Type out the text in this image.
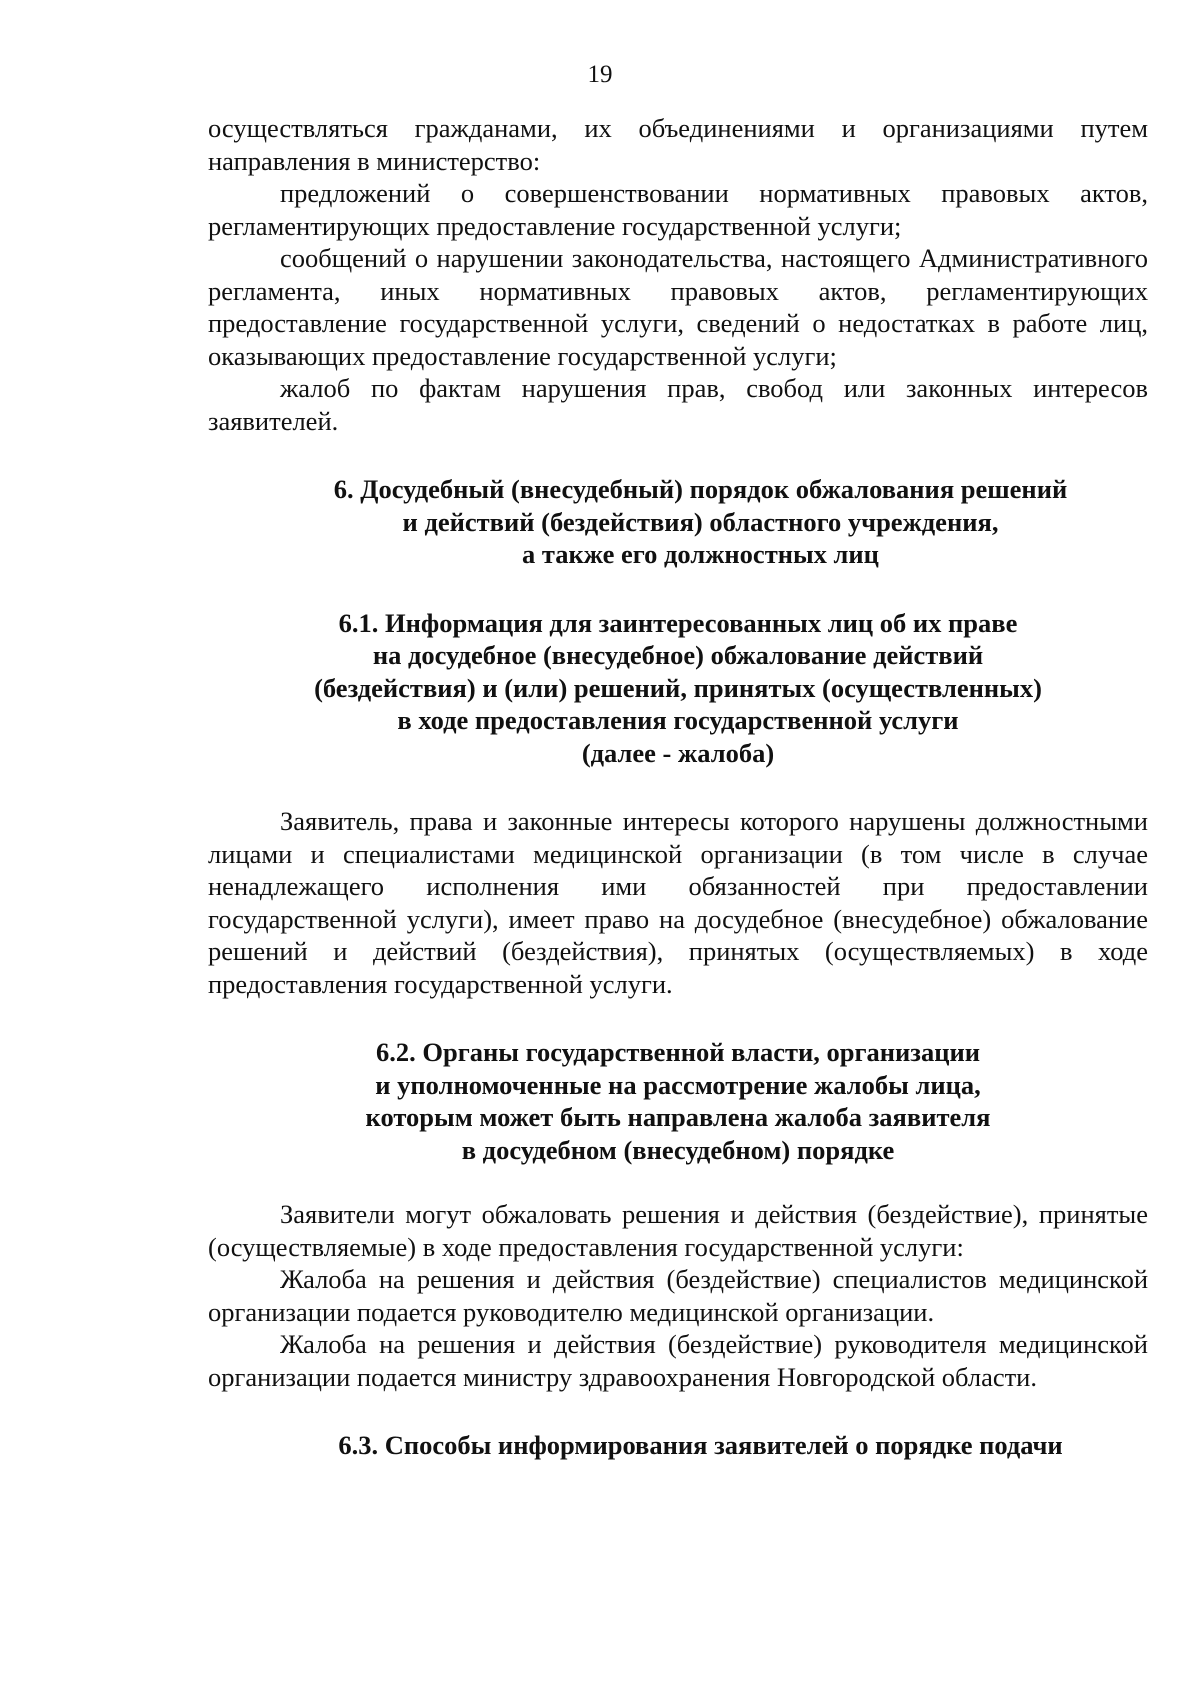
19

осуществляться гражданами, их объединениями и организациями путем направления в министерство:

предложений о совершенствовании нормативных правовых актов, регламентирующих предоставление государственной услуги;

сообщений о нарушении законодательства, настоящего Административного регламента, иных нормативных правовых актов, регламентирующих предоставление государственной услуги, сведений о недостатках в работе лиц, оказывающих предоставление государственной услуги;

жалоб по фактам нарушения прав, свобод или законных интересов заявителей.

6. Досудебный (внесудебный) порядок обжалования решений
и действий (бездействия) областного учреждения,
а также его должностных лиц
6.1. Информация для заинтересованных лиц об их праве
на досудебное (внесудебное) обжалование действий
(бездействия) и (или) решений, принятых (осуществленных)
в ходе предоставления государственной услуги
(далее - жалоба)

Заявитель, права и законные интересы которого нарушены должностными лицами и специалистами медицинской организации (в том числе в случае ненадлежащего исполнения ими обязанностей при предоставлении государственной услуги), имеет право на досудебное (внесудебное) обжалование решений и действий (бездействия), принятых (осуществляемых) в ходе предоставления государственной услуги.

6.2. Органы государственной власти, организации
и уполномоченные на рассмотрение жалобы лица,
которым может быть направлена жалоба заявителя
в досудебном (внесудебном) порядке

Заявители могут обжаловать решения и действия (бездействие), принятые (осуществляемые) в ходе предоставления государственной услуги:

Жалоба на решения и действия (бездействие) специалистов медицинской организации подается руководителю медицинской организации.

Жалоба на решения и действия (бездействие) руководителя медицинской организации подается министру здравоохранения Новгородской области.

6.3. Способы информирования заявителей о порядке подачи
